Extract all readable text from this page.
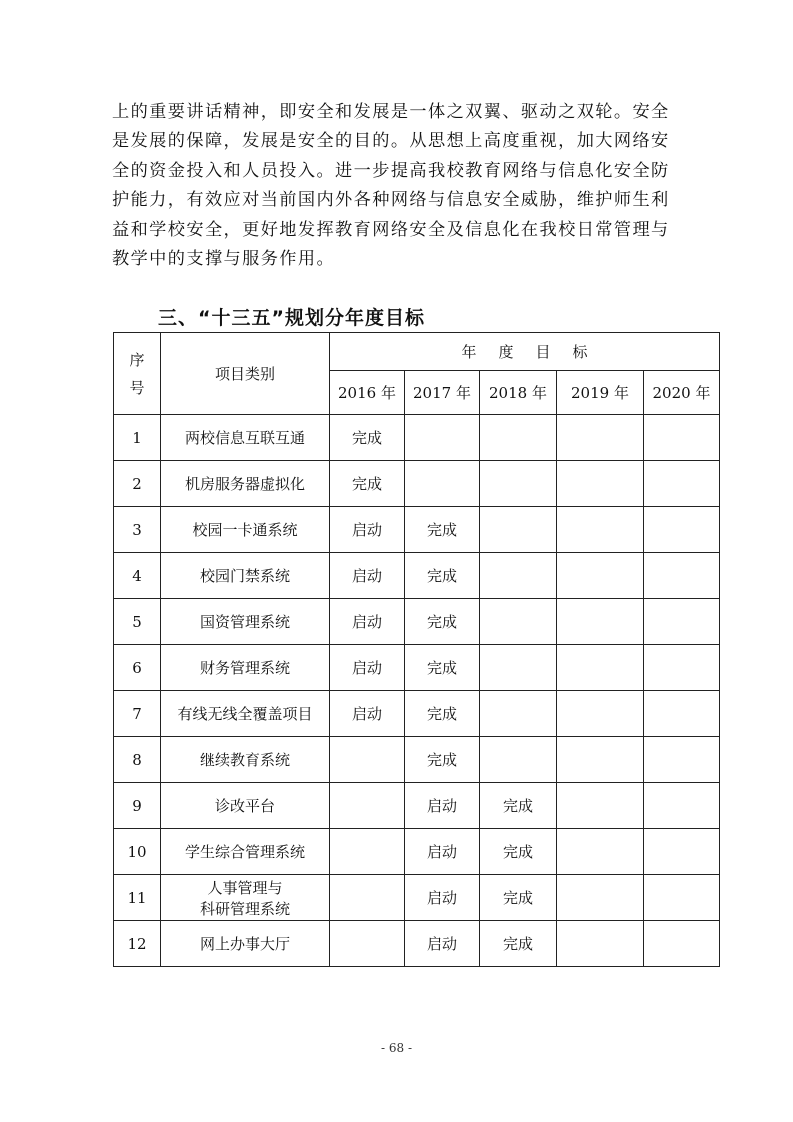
上的重要讲话精神，即安全和发展是一体之双翼、驱动之双轮。安全
是发展的保障，发展是安全的目的。从思想上高度重视，加大网络安
全的资金投入和人员投入。进一步提高我校教育网络与信息化安全防
护能力，有效应对当前国内外各种网络与信息安全威胁，维护师生利
益和学校安全，更好地发挥教育网络安全及信息化在我校日常管理与
教学中的支撑与服务作用。
三、“十三五”规划分年度目标
序
号	项目类别	年度目标				
		2016 年	2017 年	2018 年	2019 年	2020 年
1	两校信息互联互通	完成				
2	机房服务器虚拟化	完成				
3	校园一卡通系统	启动	完成			
4	校园门禁系统	启动	完成			
5	国资管理系统	启动	完成			
6	财务管理系统	启动	完成			
7	有线无线全覆盖项目	启动	完成			
8	继续教育系统		完成			
9	诊改平台		启动	完成		
10	学生综合管理系统		启动	完成		
11	人事管理与
科研管理系统		启动	完成		
12	网上办事大厅		启动	完成		
- 68 -
